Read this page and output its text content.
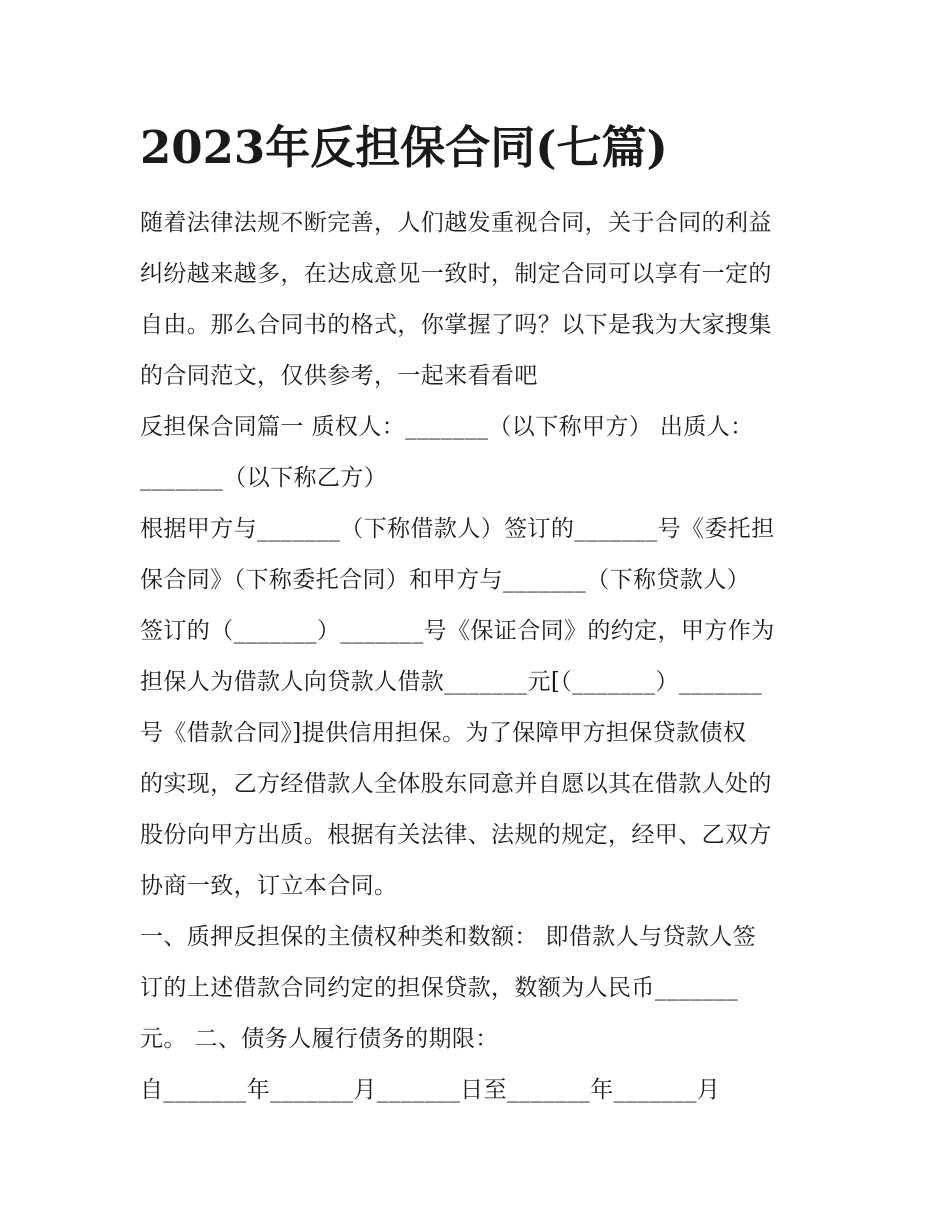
2023年反担保合同(七篇)
随着法律法规不断完善，人们越发重视合同，关于合同的利益
纠纷越来越多，在达成意见一致时，制定合同可以享有一定的
自由。那么合同书的格式，你掌握了吗？以下是我为大家搜集
的合同范文，仅供参考，一起来看看吧
反担保合同篇一 质权人：_______（以下称甲方） 出质人：
_______（以下称乙方）
根据甲方与_______（下称借款人）签订的_______号《委托担
保合同》（下称委托合同）和甲方与_______（下称贷款人）
签订的（_______）_______号《保证合同》的约定，甲方作为
担保人为借款人向贷款人借款_______元[（_______）_______
号《借款合同》]提供信用担保。为了保障甲方担保贷款债权
的实现，乙方经借款人全体股东同意并自愿以其在借款人处的
股份向甲方出质。根据有关法律、法规的规定，经甲、乙双方
协商一致，订立本合同。
一、质押反担保的主债权种类和数额： 即借款人与贷款人签
订的上述借款合同约定的担保贷款，数额为人民币_______
元。 二、债务人履行债务的期限：
自_______年_______月_______日至_______年_______月
